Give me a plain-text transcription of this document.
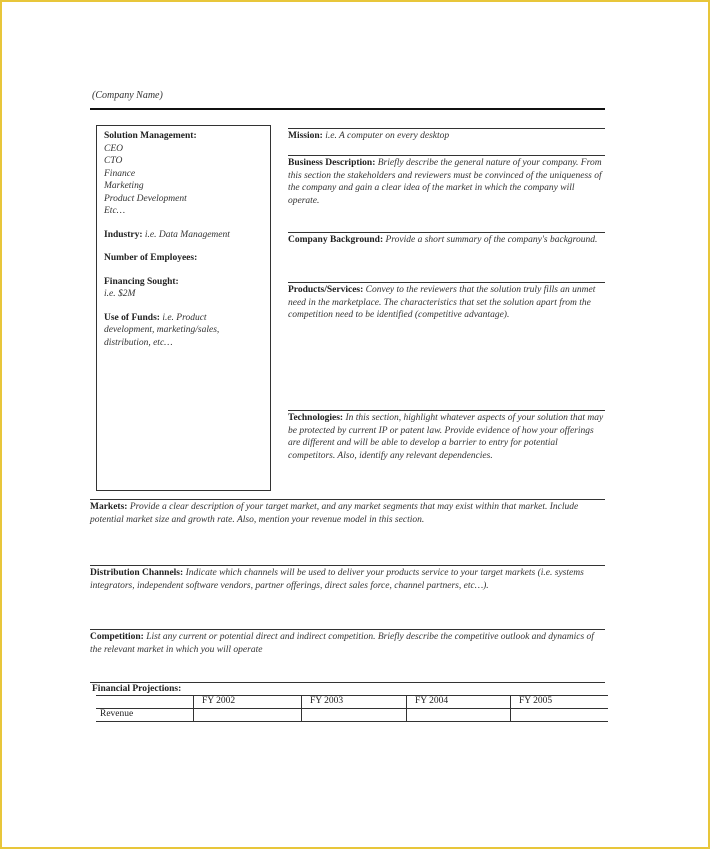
(Company Name)
Solution Management:
CEO
CTO
Finance
Marketing
Product Development
Etc…
Industry: i.e. Data Management
Number of Employees:
Financing Sought:
i.e. $2M
Use of Funds: i.e. Product
development, marketing/sales,
distribution, etc…
Mission: i.e. A computer on every desktop
Business Description: Briefly describe the general nature of your company. From this section the stakeholders and reviewers must be convinced of the uniqueness of the company and gain a clear idea of the market in which the company will operate.
Company Background: Provide a short summary of the company's background.
Products/Services: Convey to the reviewers that the solution truly fills an unmet need in the marketplace. The characteristics that set the solution apart from the competition need to be identified (competitive advantage).
Technologies: In this section, highlight whatever aspects of your solution that may be protected by current IP or patent law. Provide evidence of how your offerings are different and will be able to develop a barrier to entry for potential competitors. Also, identify any relevant dependencies.
Markets: Provide a clear description of your target market, and any market segments that may exist within that market. Include potential market size and growth rate. Also, mention your revenue model in this section.
Distribution Channels: Indicate which channels will be used to deliver your products service to your target markets (i.e. systems integrators, independent software vendors, partner offerings, direct sales force, channel partners, etc…).
Competition: List any current or potential direct and indirect competition. Briefly describe the competitive outlook and dynamics of the relevant market in which you will operate
Financial Projections:
	FY 2002	FY 2003	FY 2004	FY 2005
Revenue				
